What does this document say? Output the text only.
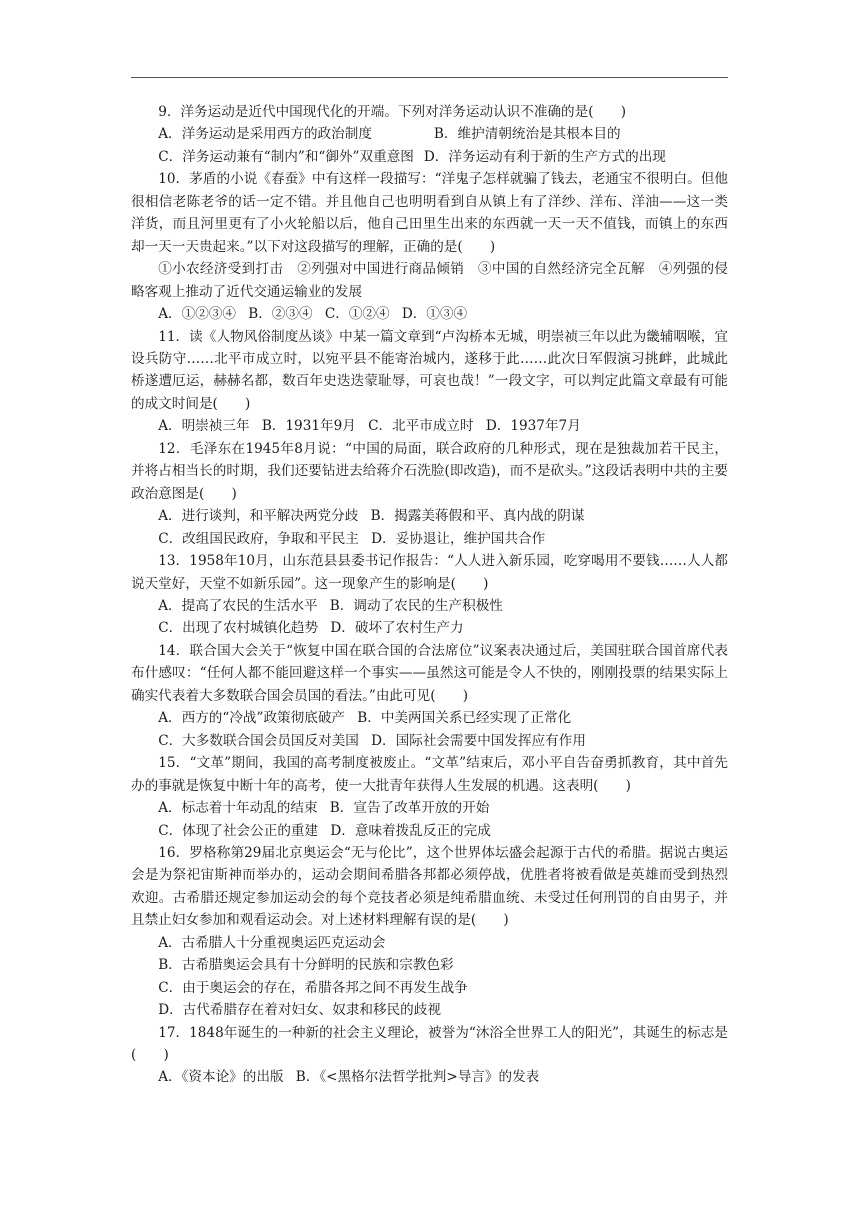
9．洋务运动是近代中国现代化的开端。下列对洋务运动认识不准确的是(　　)

A．洋务运动是采用西方的政治制度	B．维护清朝统治是其根本目的

C．洋务运动兼有“制内”和“御外”双重意图 D．洋务运动有利于新的生产方式的出现

10．茅盾的小说《春蚕》中有这样一段描写：“洋鬼子怎样就骗了钱去，老通宝不很明白。但他很相信老陈老爷的话一定不错。并且他自己也明明看到自从镇上有了洋纱、洋布、洋油——这一类洋货，而且河里更有了小火轮船以后，他自己田里生出来的东西就一天一天不值钱，而镇上的东西却一天一天贵起来。”以下对这段描写的理解，正确的是(　　)

①小农经济受到打击　②列强对中国进行商品倾销　③中国的自然经济完全瓦解　④列强的侵略客观上推动了近代交通运输业的发展

A．①②③④ B．②③④ C．①②④ D．①③④

11．读《人物风俗制度丛谈》中某一篇文章到“卢沟桥本无城，明崇祯三年以此为畿辅咽喉，宜设兵防守……北平市成立时，以宛平县不能寄治城内，遂移于此……此次日军假演习挑衅，此城此桥遂遭厄运，赫赫名都，数百年史迭迭蒙耻辱，可哀也哉！”一段文字，可以判定此篇文章最有可能的成文时间是(　　)

A．明崇祯三年 B．1931年9月 C．北平市成立时 D．1937年7月

12．毛泽东在1945年8月说：“中国的局面，联合政府的几种形式，现在是独裁加若干民主，并将占相当长的时期，我们还要钻进去给蒋介石洗脸(即改造)，而不是砍头。”这段话表明中共的主要政治意图是(　　)

A．进行谈判，和平解决两党分歧 B．揭露美蒋假和平、真内战的阴谋

C．改组国民政府，争取和平民主 D．妥协退让，维护国共合作

13．1958年10月，山东范县县委书记作报告：“人人进入新乐园，吃穿喝用不要钱……人人都说天堂好，天堂不如新乐园”。这一现象产生的影响是(　　)

A．提高了农民的生活水平 B．调动了农民的生产积极性

C．出现了农村城镇化趋势 D．破坏了农村生产力

14．联合国大会关于“恢复中国在联合国的合法席位”议案表决通过后，美国驻联合国首席代表布什感叹：“任何人都不能回避这样一个事实——虽然这可能是令人不快的，刚刚投票的结果实际上确实代表着大多数联合国会员国的看法。”由此可见(　　)

A．西方的“冷战”政策彻底破产 B．中美两国关系已经实现了正常化

C．大多数联合国会员国反对美国 D．国际社会需要中国发挥应有作用

15．“文革”期间，我国的高考制度被废止。“文革”结束后，邓小平自告奋勇抓教育，其中首先办的事就是恢复中断十年的高考，使一大批青年获得人生发展的机遇。这表明(　　)

A．标志着十年动乱的结束 B．宣告了改革开放的开始

C．体现了社会公正的重建 D．意味着拨乱反正的完成

16．罗格称第29届北京奥运会“无与伦比”，这个世界体坛盛会起源于古代的希腊。据说古奥运会是为祭祀宙斯神而举办的，运动会期间希腊各邦都必须停战，优胜者将被看做是英雄而受到热烈欢迎。古希腊还规定参加运动会的每个竞技者必须是纯希腊血统、未受过任何刑罚的自由男子，并且禁止妇女参加和观看运动会。对上述材料理解有误的是(　　)

A．古希腊人十分重视奥运匹克运动会

B．古希腊奥运会具有十分鲜明的民族和宗教色彩

C．由于奥运会的存在，希腊各邦之间不再发生战争

D．古代希腊存在着对妇女、奴隶和移民的歧视

17．1848年诞生的一种新的社会主义理论，被誉为“沐浴全世界工人的阳光”，其诞生的标志是(　　)

A．《资本论》的出版 B．《<黑格尔法哲学批判>导言》的发表
